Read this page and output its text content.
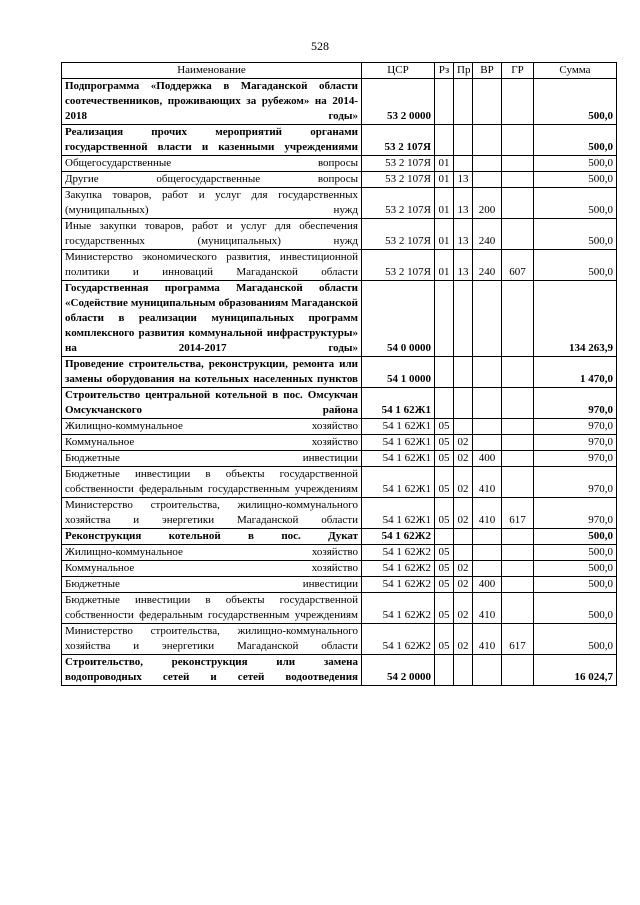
528
Наименование	ЦСР	Рз	Пр	ВР	ГР	Сумма
Подпрограмма «Поддержка в Магаданской области соотечественников, проживающих за рубежом» на 2014-2018 годы»	53 2 0000					500,0
Реализация прочих мероприятий органами государственной власти и казенными учреждениями	53 2 107Я					500,0
Общегосударственные вопросы	53 2 107Я	01				500,0
Другие общегосударственные вопросы	53 2 107Я	01	13			500,0
Закупка товаров, работ и услуг для государственных (муниципальных) нужд	53 2 107Я	01	13	200		500,0
Иные закупки товаров, работ и услуг для обеспечения государственных (муниципальных) нужд	53 2 107Я	01	13	240		500,0
Министерство экономического развития, инвестиционной политики и инноваций Магаданской области	53 2 107Я	01	13	240	607	500,0
Государственная программа Магаданской области «Содействие муниципальным образованиям Магаданской области в реализации муниципальных программ комплексного развития коммунальной инфраструктуры» на 2014-2017 годы»	54 0 0000					134 263,9
Проведение строительства, реконструкции, ремонта или замены оборудования на котельных населенных пунктов	54 1 0000					1 470,0
Строительство центральной котельной в пос. Омсукчан Омсукчанского района	54 1 62Ж1					970,0
Жилищно-коммунальное хозяйство	54 1 62Ж1	05				970,0
Коммунальное хозяйство	54 1 62Ж1	05	02			970,0
Бюджетные инвестиции	54 1 62Ж1	05	02	400		970,0
Бюджетные инвестиции в объекты государственной собственности федеральным государственным учреждениям	54 1 62Ж1	05	02	410		970,0
Министерство строительства, жилищно-коммунального хозяйства и энергетики Магаданской области	54 1 62Ж1	05	02	410	617	970,0
Реконструкция котельной в пос. Дукат	54 1 62Ж2					500,0
Жилищно-коммунальное хозяйство	54 1 62Ж2	05				500,0
Коммунальное хозяйство	54 1 62Ж2	05	02			500,0
Бюджетные инвестиции	54 1 62Ж2	05	02	400		500,0
Бюджетные инвестиции в объекты государственной собственности федеральным государственным учреждениям	54 1 62Ж2	05	02	410		500,0
Министерство строительства, жилищно-коммунального хозяйства и энергетики Магаданской области	54 1 62Ж2	05	02	410	617	500,0
Строительство, реконструкция или замена водопроводных сетей и сетей водоотведения	54 2 0000					16 024,7
